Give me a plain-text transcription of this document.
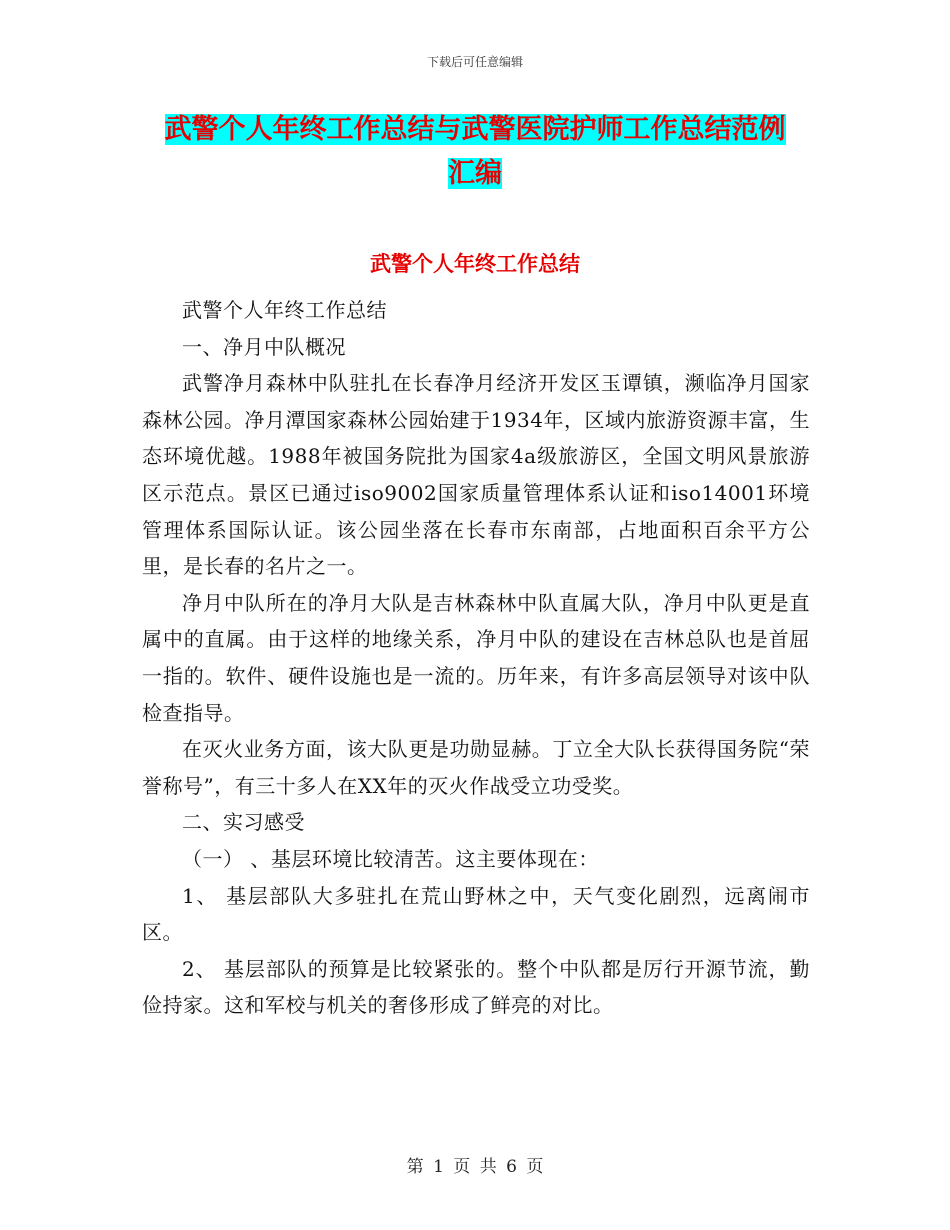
下载后可任意编辑
武警个人年终工作总结与武警医院护师工作总结范例
汇编
武警个人年终工作总结

武警个人年终工作总结

一、净月中队概况

武警净月森林中队驻扎在长春净月经济开发区玉谭镇，濒临净月国家森林公园。净月潭国家森林公园始建于1934年，区域内旅游资源丰富，生态环境优越。1988年被国务院批为国家4a级旅游区，全国文明风景旅游区示范点。景区已通过iso9002国家质量管理体系认证和iso14001环境管理体系国际认证。该公园坐落在长春市东南部，占地面积百余平方公里，是长春的名片之一。

净月中队所在的净月大队是吉林森林中队直属大队，净月中队更是直属中的直属。由于这样的地缘关系，净月中队的建设在吉林总队也是首屈一指的。软件、硬件设施也是一流的。历年来，有许多高层领导对该中队检查指导。

在灭火业务方面，该大队更是功勋显赫。丁立全大队长获得国务院“荣誉称号”，有三十多人在XX年的灭火作战受立功受奖。

二、实习感受

（一） 、基层环境比较清苦。这主要体现在：

1、 基层部队大多驻扎在荒山野林之中，天气变化剧烈，远离闹市区。

2、 基层部队的预算是比较紧张的。整个中队都是厉行开源节流，勤俭持家。这和军校与机关的奢侈形成了鲜亮的对比。

第 1 页 共 6 页
